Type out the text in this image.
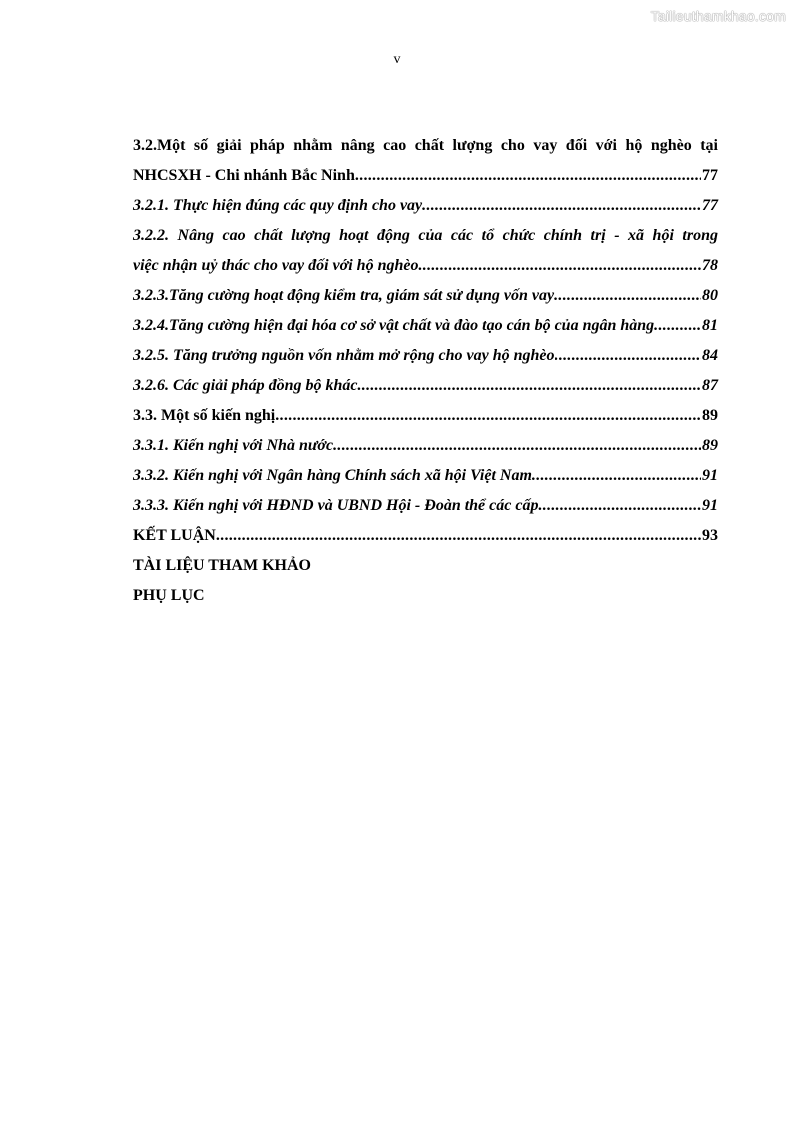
Tailieuthamkhao.com
v
3.2.Một số giải pháp nhằm nâng cao chất lượng cho vay đối với hộ nghèo tại
NHCSXH - Chi nhánh Bắc Ninh .....	77
3.2.1. Thực hiện đúng các quy định cho vay .....	77
3.2.2. Nâng cao chất lượng hoạt động của các tổ chức chính trị - xã hội trong
việc nhận uỷ thác cho vay đối với hộ nghèo .....	78
3.2.3.Tăng cường hoạt động kiểm tra, giám sát sử dụng vốn vay .....	80
3.2.4.Tăng cường hiện đại hóa cơ sở vật chất và đào tạo cán bộ của ngân hàng .....	81
3.2.5. Tăng trưởng nguồn vốn nhằm mở rộng cho vay hộ nghèo .....	84
3.2.6. Các giải pháp đồng bộ khác .....	87
3.3. Một số kiến nghị .....	89
3.3.1. Kiến nghị với Nhà nước .....	89
3.3.2. Kiến nghị với Ngân hàng Chính sách xã hội Việt Nam .....	91
3.3.3. Kiến nghị với HĐND và UBND Hội - Đoàn thể các cấp .....	91
KẾT LUẬN .....	93
TÀI LIỆU THAM KHẢO
PHỤ LỤC
